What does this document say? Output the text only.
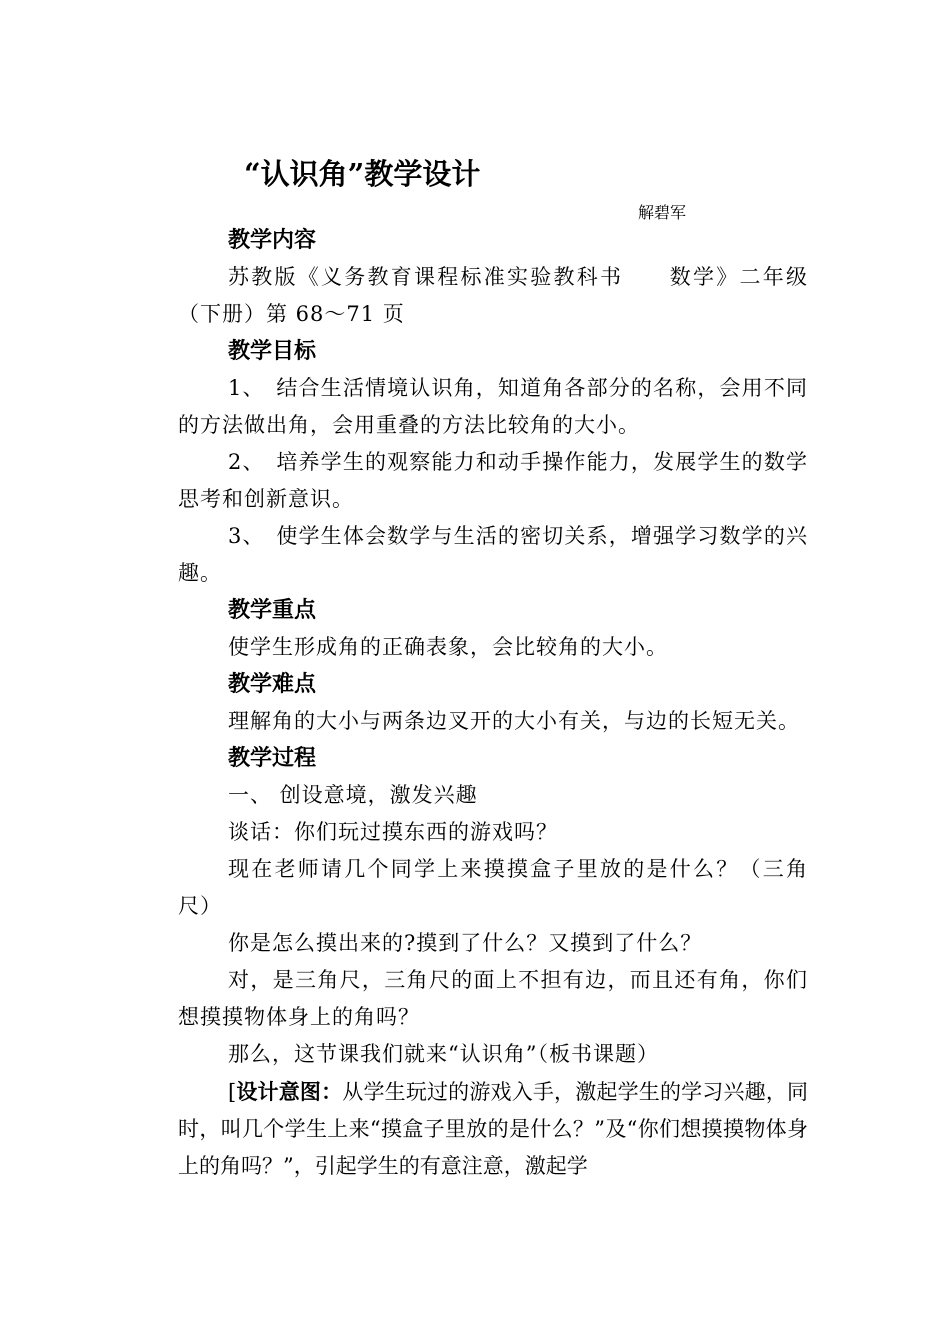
“认识角”教学设计
解碧军
教学内容
苏教版《义务教育课程标准实验教科书　　数学》二年级（下册）第 68～71 页
教学目标
1、　结合生活情境认识角，知道角各部分的名称，会用不同的方法做出角，会用重叠的方法比较角的大小。
2、　培养学生的观察能力和动手操作能力，发展学生的数学思考和创新意识。
3、　使学生体会数学与生活的密切关系，增强学习数学的兴趣。
教学重点
使学生形成角的正确表象，会比较角的大小。
教学难点
理解角的大小与两条边叉开的大小有关，与边的长短无关。
教学过程
一、 创设意境，激发兴趣
谈话：你们玩过摸东西的游戏吗？
现在老师请几个同学上来摸摸盒子里放的是什么？（三角尺）
你是怎么摸出来的?摸到了什么？又摸到了什么？
对，是三角尺，三角尺的面上不担有边，而且还有角，你们想摸摸物体身上的角吗？
那么，这节课我们就来“认识角”（板书课题）
[设计意图：从学生玩过的游戏入手，激起学生的学习兴趣，同时，叫几个学生上来“摸盒子里放的是什么？”及“你们想摸摸物体身上的角吗？”，引起学生的有意注意，激起学
